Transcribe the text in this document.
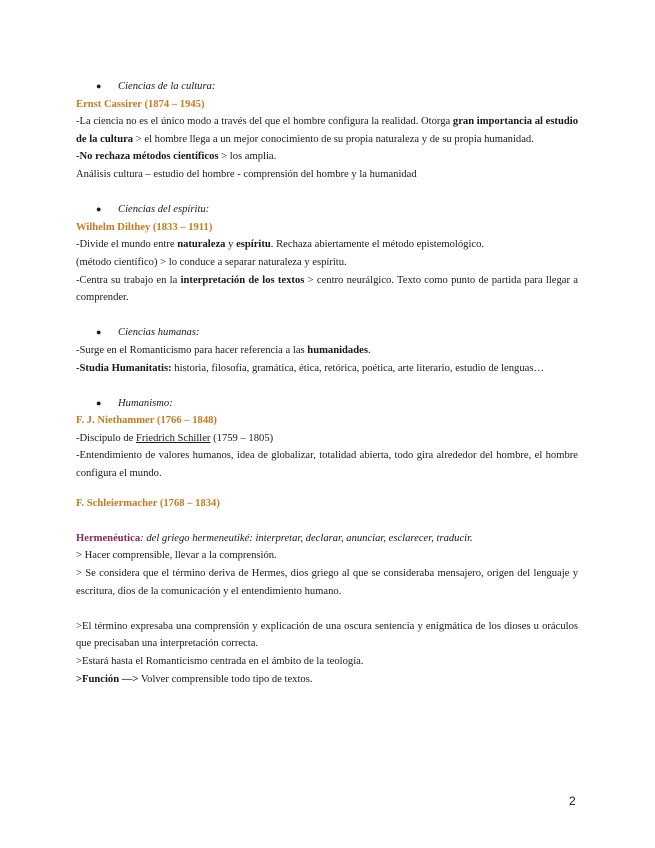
●	Ciencias de la cultura:

Ernst Cassirer (1874 – 1945)

-La ciencia no es el único modo a través del que el hombre configura la realidad. Otorga gran importancia al estudio de la cultura > el hombre llega a un mejor conocimiento de su propia naturaleza y de su propia humanidad.

-No rechaza métodos científicos > los amplia.

Análisis cultura – estudio del hombre - comprensión del hombre y la humanidad

●	Ciencias del espíritu:

Wilhelm Dilthey (1833 – 1911)

-Divide el mundo entre naturaleza y espíritu. Rechaza abiertamente el método epistemológico.

(método científico) > lo conduce a separar naturaleza y espíritu.

-Centra su trabajo en la interpretación de los textos > centro neurálgico. Texto como punto de partida para llegar a comprender.

●	Ciencias humanas:

-Surge en el Romanticismo para hacer referencia a las humanidades.

-Studia Humanitatis: historia, filosofía, gramática, ética, retórica, poética, arte literario, estudio de lenguas…

●	Humanismo:

F. J. Niethammer (1766 – 1848)

-Discípulo de Friedrich Schiller (1759 – 1805)

-Entendimiento de valores humanos, idea de globalizar, totalidad abierta, todo gira alrededor del hombre, el hombre configura el mundo.

F. Schleiermacher (1768 – 1834)

Hermenéutica: del griego hermeneutiké: interpretar, declarar, anunciar, esclarecer, traducir.

> Hacer comprensible, llevar a la comprensión.

> Se considera que el término deriva de Hermes, dios griego al que se consideraba mensajero, origen del lenguaje y escritura, dios de la comunicación y el entendimiento humano.

>El término expresaba una comprensión y explicación de una oscura sentencia y enigmática de los dioses u oráculos que precisaban una interpretación correcta.

>Estará hasta el Romanticismo centrada en el ámbito de la teología.

>Función —> Volver comprensible todo tipo de textos.

2
